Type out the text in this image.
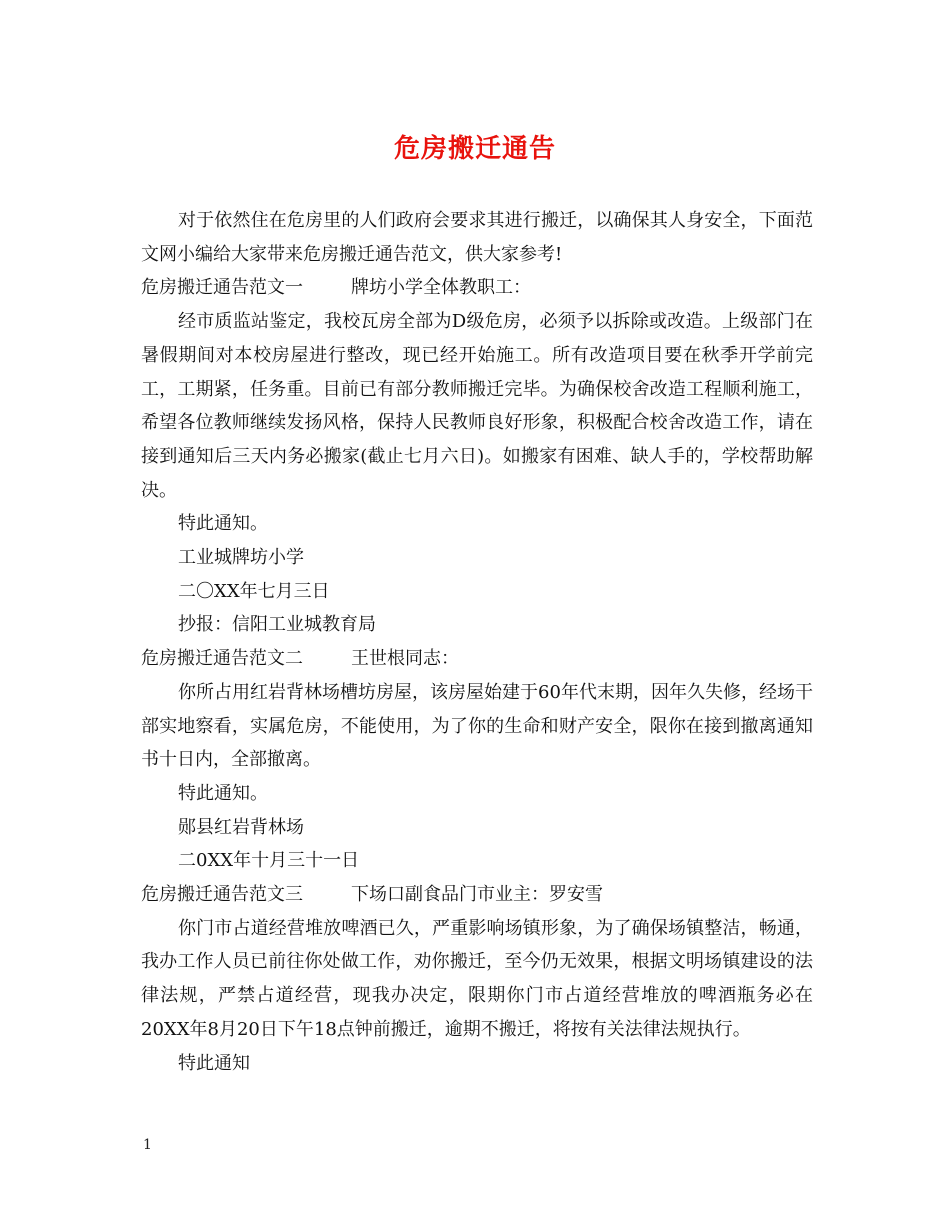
危房搬迁通告

对于依然住在危房里的人们政府会要求其进行搬迁，以确保其人身安全，下面范文网小编给大家带来危房搬迁通告范文，供大家参考!

危房搬迁通告范文一	牌坊小学全体教职工：

经市质监站鉴定，我校瓦房全部为D级危房，必须予以拆除或改造。上级部门在暑假期间对本校房屋进行整改，现已经开始施工。所有改造项目要在秋季开学前完工，工期紧，任务重。目前已有部分教师搬迁完毕。为确保校舍改造工程顺利施工，希望各位教师继续发扬风格，保持人民教师良好形象，积极配合校舍改造工作，请在接到通知后三天内务必搬家(截止七月六日)。如搬家有困难、缺人手的，学校帮助解决。

特此通知。

工业城牌坊小学

二〇XX年七月三日

抄报：信阳工业城教育局

危房搬迁通告范文二	王世根同志：

你所占用红岩背林场槽坊房屋，该房屋始建于60年代末期，因年久失修，经场干部实地察看，实属危房，不能使用，为了你的生命和财产安全，限你在接到撤离通知书十日内，全部撤离。

特此通知。

郧县红岩背林场

二0XX年十月三十一日

危房搬迁通告范文三	下场口副食品门市业主：罗安雪

你门市占道经营堆放啤酒已久，严重影响场镇形象，为了确保场镇整洁，畅通，我办工作人员已前往你处做工作，劝你搬迁，至今仍无效果，根据文明场镇建设的法律法规，严禁占道经营，现我办决定，限期你门市占道经营堆放的啤酒瓶务必在20XX年8月20日下午18点钟前搬迁，逾期不搬迁，将按有关法律法规执行。

特此通知

1
